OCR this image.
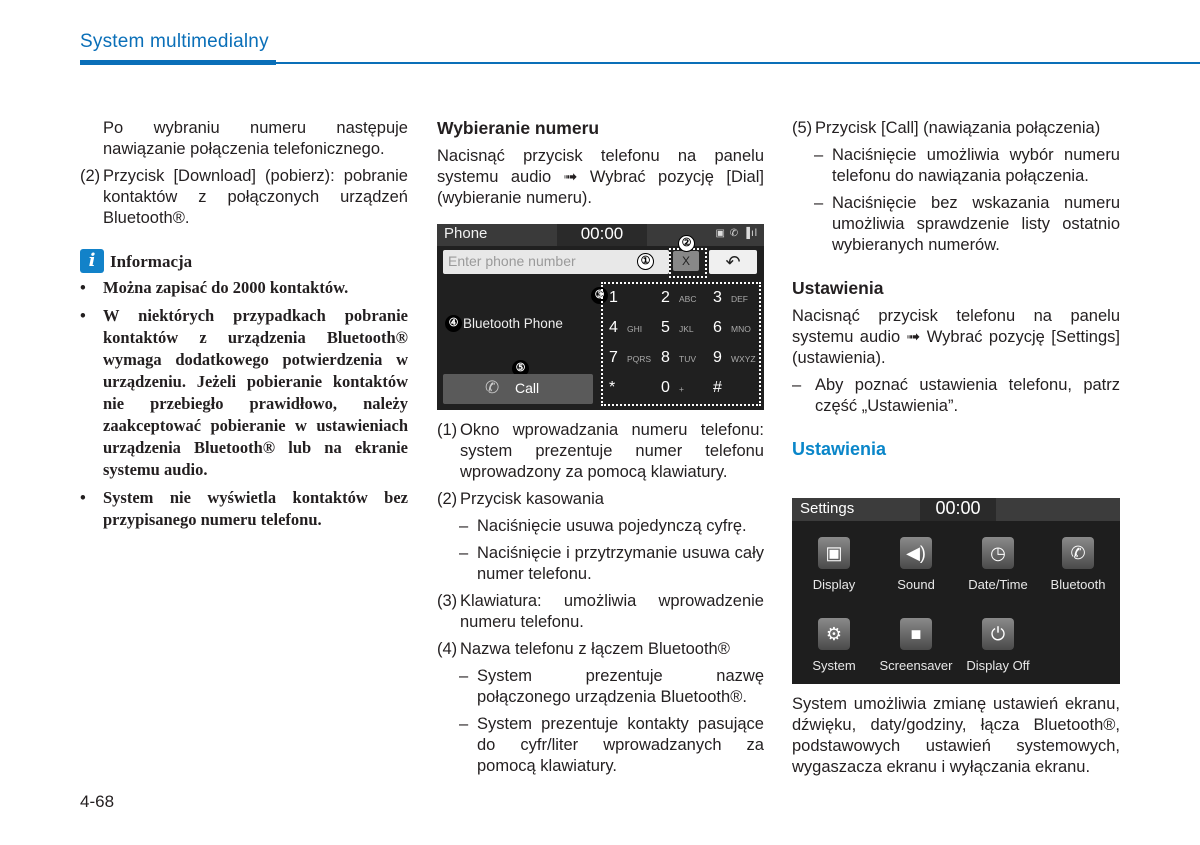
System multimedialny

Po wybraniu numeru następuje nawiązanie połączenia telefonicznego.

(2) Przycisk [Download] (pobierz): pobranie kontaktów z połączonych urządzeń Bluetooth®.
i Informacja
•	Można zapisać do 2000 kontaktów.
•	W niektórych przypadkach pobranie kontaktów z urządzenia Bluetooth® wymaga dodatkowego potwierdzenia w urządzeniu. Jeżeli pobieranie kontaktów nie przebiegło prawidłowo, należy zaakceptować pobieranie w ustawieniach urządzenia Bluetooth® lub na ekranie systemu audio.
•	System nie wyświetla kontaktów bez przypisanego numeru telefonu.
Wybieranie numeru

Nacisnąć przycisk telefonu na panelu systemu audio ➟ Wybrać pozycję [Dial] (wybieranie numeru).

Phone	00:00	▣ ✆ ▐ıl
Enter phone number	①	X
②
↶
③
④ Bluetooth Phone
⑤
✆ Call
1	2 ABC 3 DEF
4 GHI 5 JKL 6 MNO
7 PQRS 8 TUV 9 WXYZ
*	0 + #
(1) Okno wprowadzania numeru telefonu: system prezentuje numer telefonu wprowadzony za pomocą klawiatury.
(2) Przycisk kasowania
– Naciśnięcie usuwa pojedynczą cyfrę.
– Naciśnięcie i przytrzymanie usuwa cały numer telefonu.
(3) Klawiatura: umożliwia wprowadzenie numeru telefonu.
(4) Nazwa telefonu z łączem Bluetooth®
– System prezentuje nazwę połączonego urządzenia Bluetooth®.
– System prezentuje kontakty pasujące do cyfr/liter wprowadzanych za pomocą klawiatury.
(5) Przycisk [Call] (nawiązania połączenia)
– Naciśnięcie umożliwia wybór numeru telefonu do nawiązania połączenia.
– Naciśnięcie bez wskazania numeru umożliwia sprawdzenie listy ostatnio wybieranych numerów.
Ustawienia

Nacisnąć przycisk telefonu na panelu systemu audio ➟ Wybrać pozycję [Settings] (ustawienia).

– Aby poznać ustawienia telefonu, patrz część „Ustawienia”.
Ustawienia
Settings	00:00
▣
Display
◀)
Sound
◷
Date/Time
✆
Bluetooth
⚙
System
■
Screensaver
⏻
Display Off

System umożliwia zmianę ustawień ekranu, dźwięku, daty/godziny, łącza Bluetooth®, podstawowych ustawień systemowych, wygaszacza ekranu i wyłączania ekranu.

4-68
